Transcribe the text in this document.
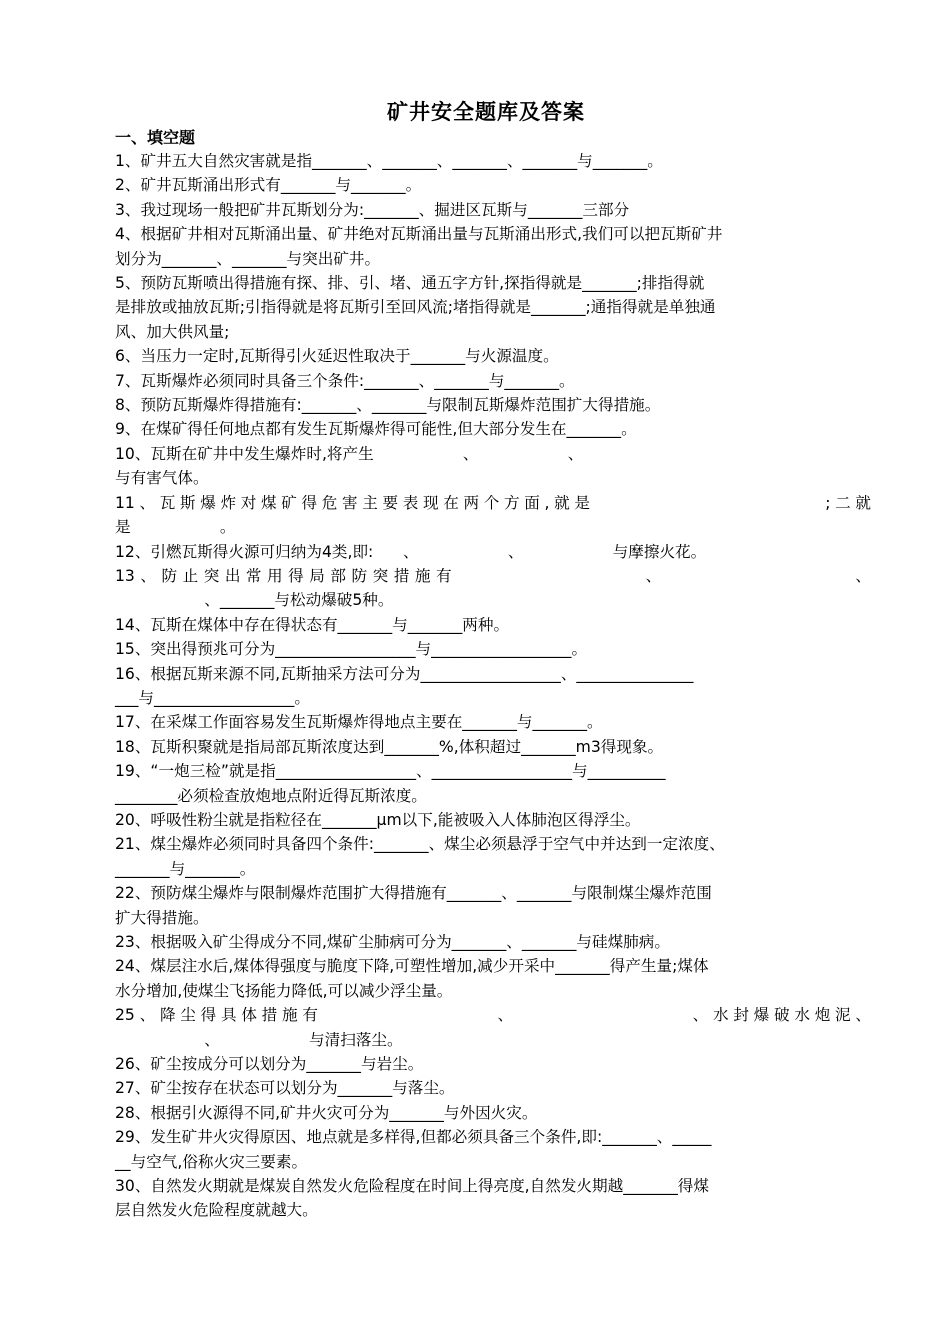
矿井安全题库及答案
一、填空题

1、矿井五大自然灾害就是指_______、_______、_______、_______与_______。

2、矿井瓦斯涌出形式有_______与_______。

3、我过现场一般把矿井瓦斯划分为:_______、掘进区瓦斯与_______三部分

4、根据矿井相对瓦斯涌出量、矿井绝对瓦斯涌出量与瓦斯涌出形式,我们可以把瓦斯矿井

划分为_______、_______与突出矿井。

5、预防瓦斯喷出得措施有探、排、引、堵、通五字方针,探指得就是_______;排指得就

是排放或抽放瓦斯;引指得就是将瓦斯引至回风流;堵指得就是_______;通指得就是单独通

风、加大供风量;

6、当压力一定时,瓦斯得引火延迟性取决于_______与火源温度。

7、瓦斯爆炸必须同时具备三个条件:_______、_______与_______。

8、预防瓦斯爆炸得措施有:_______、_______与限制瓦斯爆炸范围扩大得措施。

9、在煤矿得任何地点都有发生瓦斯爆炸得可能性,但大部分发生在_______。

10、瓦斯在矿井中发生爆炸时,将产生                  、                  、

与有害气体。

11、瓦斯爆炸对煤矿得危害主要表现在两个方面,就是                        ;二就

是                  。

12、引燃瓦斯得火源可归纳为4类,即:      、                  、                  与摩擦火花。

13、防止突出常用得局部防突措施有                  、                  、

、_______与松动爆破5种。

14、瓦斯在煤体中存在得状态有_______与_______两种。

15、突出得预兆可分为__________________与__________________。

16、根据瓦斯来源不同,瓦斯抽采方法可分为__________________、_______________

___与__________________。

17、在采煤工作面容易发生瓦斯爆炸得地点主要在_______与_______。

18、瓦斯积聚就是指局部瓦斯浓度达到_______%,体积超过_______m3得现象。

19、“一炮三检”就是指__________________、__________________与__________

________必须检查放炮地点附近得瓦斯浓度。

20、呼吸性粉尘就是指粒径在_______μm以下,能被吸入人体肺泡区得浮尘。

21、煤尘爆炸必须同时具备四个条件:_______、煤尘必须悬浮于空气中并达到一定浓度、

_______与_______。

22、预防煤尘爆炸与限制爆炸范围扩大得措施有_______、_______与限制煤尘爆炸范围

扩大得措施。

23、根据吸入矿尘得成分不同,煤矿尘肺病可分为_______、_______与硅煤肺病。

24、煤层注水后,煤体得强度与脆度下降,可塑性增加,减少开采中_______得产生量;煤体

水分增加,使煤尘飞扬能力降低,可以减少浮尘量。

25、降尘得具体措施有                  、                  、水封爆破水炮泥、

、                  与清扫落尘。

26、矿尘按成分可以划分为_______与岩尘。

27、矿尘按存在状态可以划分为_______与落尘。

28、根据引火源得不同,矿井火灾可分为_______与外因火灾。

29、发生矿井火灾得原因、地点就是多样得,但都必须具备三个条件,即:_______、_____

__与空气,俗称火灾三要素。

30、自然发火期就是煤炭自然发火危险程度在时间上得亮度,自然发火期越_______得煤

层自然发火危险程度就越大。
